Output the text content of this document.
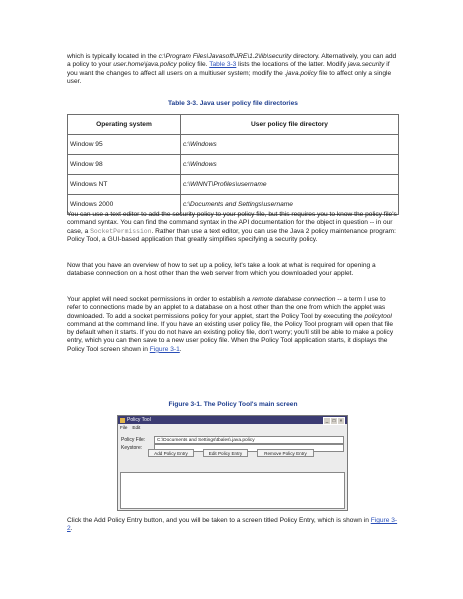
which is typically located in the c:\Program Files\Javasoft\JRE\1.2\lib\security directory. Alternatively, you can add a policy to your user.home\java.policy policy file. Table 3-3 lists the locations of the latter. Modify java.security if you want the changes to affect all users on a multiuser system; modify the .java.policy file to affect only a single user.

Table 3-3. Java user policy file directories

Operating system	User policy file directory
Window 95	c:\Windows
Window 98	c:\Windows
Windows NT	c:\WINNT\Profiles\username
Windows 2000	c:\Documents and Settings\username

You can use a text editor to add the security policy to your policy file, but this requires you to know the policy file's command syntax. You can find the command syntax in the API documentation for the object in question -- in our case, a SocketPermission. Rather than use a text editor, you can use the Java 2 policy maintenance program: Policy Tool, a GUI-based application that greatly simplifies specifying a security policy.

Now that you have an overview of how to set up a policy, let's take a look at what is required for opening a database connection on a host other than the web server from which you downloaded your applet.

Your applet will need socket permissions in order to establish a remote database connection -- a term I use to refer to connections made by an applet to a database on a host other than the one from which the applet was downloaded. To add a socket permissions policy for your applet, start the Policy Tool by executing the policytool command at the command line. If you have an existing user policy file, the Policy Tool program will open that file by default when it starts. If you do not have an existing policy file, don't worry; you'll still be able to make a policy entry, which you can then save to a new user policy file. When the Policy Tool application starts, it displays the Policy Tool screen shown in Figure 3-1.

Figure 3-1. The Policy Tool's main screen

Policy Tool	_ □ ×
File Edit
Policy File:	C:\Documents and Settings\tbales\.java.policy
Keystore:
Add Policy Entry	Edit Policy Entry	Remove Policy Entry

Click the Add Policy Entry button, and you will be taken to a screen titled Policy Entry, which is shown in Figure 3-2.
